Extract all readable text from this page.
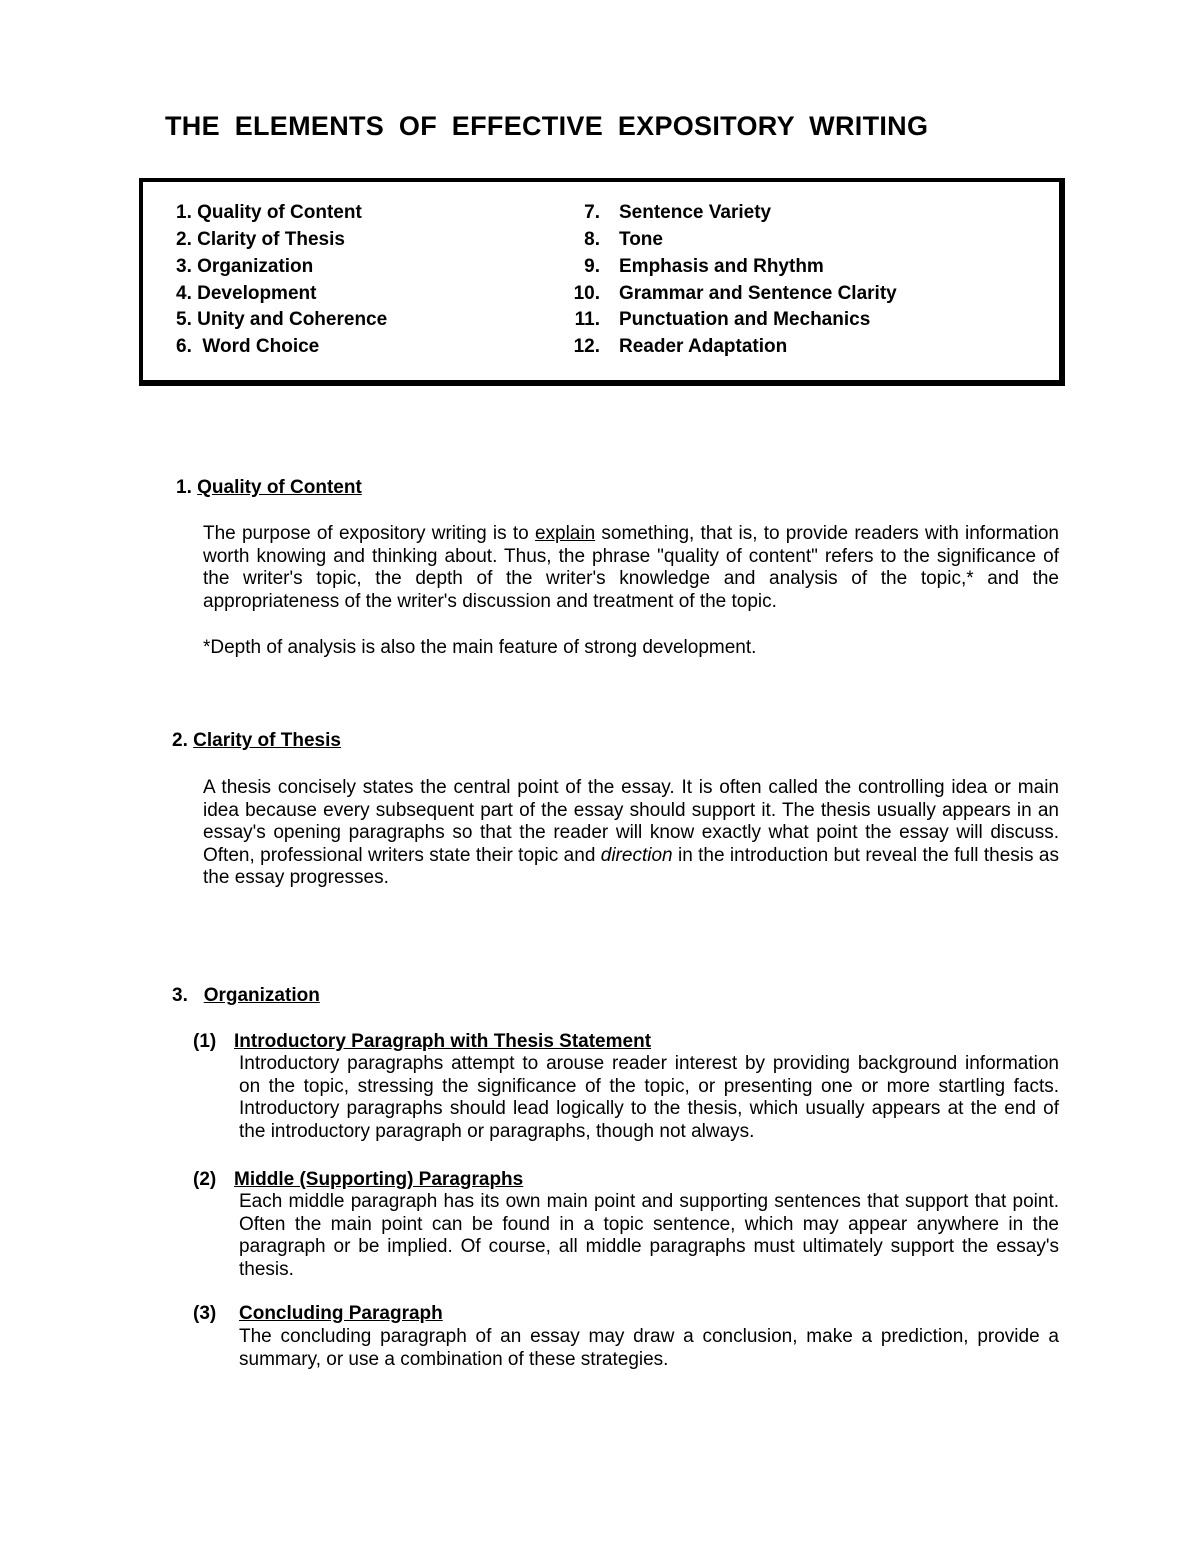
THE ELEMENTS OF EFFECTIVE EXPOSITORY WRITING
1. Quality of Content
2. Clarity of Thesis
3. Organization
4. Development
5. Unity and Coherence
6. Word Choice
7. Sentence Variety
8. Tone
9. Emphasis and Rhythm
10. Grammar and Sentence Clarity
11. Punctuation and Mechanics
12. Reader Adaptation
1. Quality of Content
The purpose of expository writing is to explain something, that is, to provide readers with information worth knowing and thinking about. Thus, the phrase "quality of content" refers to the significance of the writer's topic, the depth of the writer's knowledge and analysis of the topic,* and the appropriateness of the writer's discussion and treatment of the topic.
*Depth of analysis is also the main feature of strong development.
2. Clarity of Thesis
A thesis concisely states the central point of the essay. It is often called the controlling idea or main idea because every subsequent part of the essay should support it. The thesis usually appears in an essay's opening paragraphs so that the reader will know exactly what point the essay will discuss. Often, professional writers state their topic and direction in the introduction but reveal the full thesis as the essay progresses.
3. Organization
(1) Introductory Paragraph with Thesis Statement
Introductory paragraphs attempt to arouse reader interest by providing background information on the topic, stressing the significance of the topic, or presenting one or more startling facts. Introductory paragraphs should lead logically to the thesis, which usually appears at the end of the introductory paragraph or paragraphs, though not always.
(2) Middle (Supporting) Paragraphs
Each middle paragraph has its own main point and supporting sentences that support that point. Often the main point can be found in a topic sentence, which may appear anywhere in the paragraph or be implied. Of course, all middle paragraphs must ultimately support the essay's thesis.
(3) Concluding Paragraph
The concluding paragraph of an essay may draw a conclusion, make a prediction, provide a summary, or use a combination of these strategies.
